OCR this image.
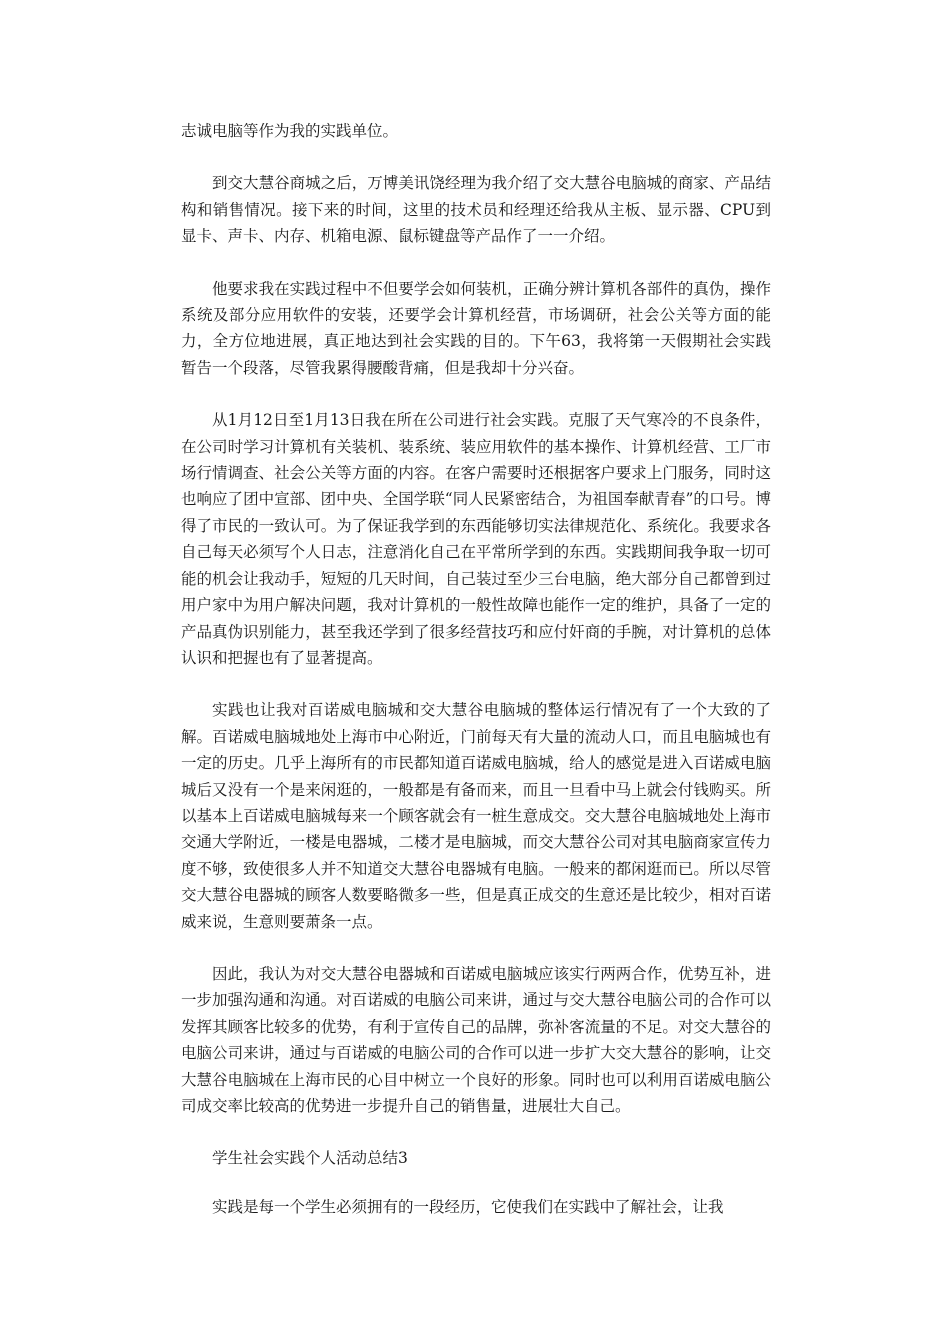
志诚电脑等作为我的实践单位。

到交大慧谷商城之后，万博美讯饶经理为我介绍了交大慧谷电脑城的商家、产品结构和销售情况。接下来的时间，这里的技术员和经理还给我从主板、显示器、CPU到显卡、声卡、内存、机箱电源、鼠标键盘等产品作了一一介绍。

他要求我在实践过程中不但要学会如何装机，正确分辨计算机各部件的真伪，操作系统及部分应用软件的安装，还要学会计算机经营，市场调研，社会公关等方面的能力，全方位地进展，真正地达到社会实践的目的。下午63，我将第一天假期社会实践暂告一个段落，尽管我累得腰酸背痛，但是我却十分兴奋。

从1月12日至1月13日我在所在公司进行社会实践。克服了天气寒冷的不良条件，在公司时学习计算机有关装机、装系统、装应用软件的基本操作、计算机经营、工厂市场行情调查、社会公关等方面的内容。在客户需要时还根据客户要求上门服务，同时这也响应了团中宣部、团中央、全国学联“同人民紧密结合，为祖国奉献青春”的口号。博得了市民的一致认可。为了保证我学到的东西能够切实法律规范化、系统化。我要求各自己每天必须写个人日志，注意消化自己在平常所学到的东西。实践期间我争取一切可能的机会让我动手，短短的几天时间，自己装过至少三台电脑，绝大部分自己都曾到过用户家中为用户解决问题，我对计算机的一般性故障也能作一定的维护，具备了一定的产品真伪识别能力，甚至我还学到了很多经营技巧和应付奸商的手腕，对计算机的总体认识和把握也有了显著提高。

实践也让我对百诺威电脑城和交大慧谷电脑城的整体运行情况有了一个大致的了解。百诺威电脑城地处上海市中心附近，门前每天有大量的流动人口，而且电脑城也有一定的历史。几乎上海所有的市民都知道百诺威电脑城，给人的感觉是进入百诺威电脑城后又没有一个是来闲逛的，一般都是有备而来，而且一旦看中马上就会付钱购买。所以基本上百诺威电脑城每来一个顾客就会有一桩生意成交。交大慧谷电脑城地处上海市交通大学附近，一楼是电器城，二楼才是电脑城，而交大慧谷公司对其电脑商家宣传力度不够，致使很多人并不知道交大慧谷电器城有电脑。一般来的都闲逛而已。所以尽管交大慧谷电器城的顾客人数要略微多一些，但是真正成交的生意还是比较少，相对百诺威来说，生意则要萧条一点。

因此，我认为对交大慧谷电器城和百诺威电脑城应该实行两两合作，优势互补，进一步加强沟通和沟通。对百诺威的电脑公司来讲，通过与交大慧谷电脑公司的合作可以发挥其顾客比较多的优势，有利于宣传自己的品牌，弥补客流量的不足。对交大慧谷的电脑公司来讲，通过与百诺威的电脑公司的合作可以进一步扩大交大慧谷的影响，让交大慧谷电脑城在上海市民的心目中树立一个良好的形象。同时也可以利用百诺威电脑公司成交率比较高的优势进一步提升自己的销售量，进展壮大自己。

学生社会实践个人活动总结3

实践是每一个学生必须拥有的一段经历，它使我们在实践中了解社会，让我
